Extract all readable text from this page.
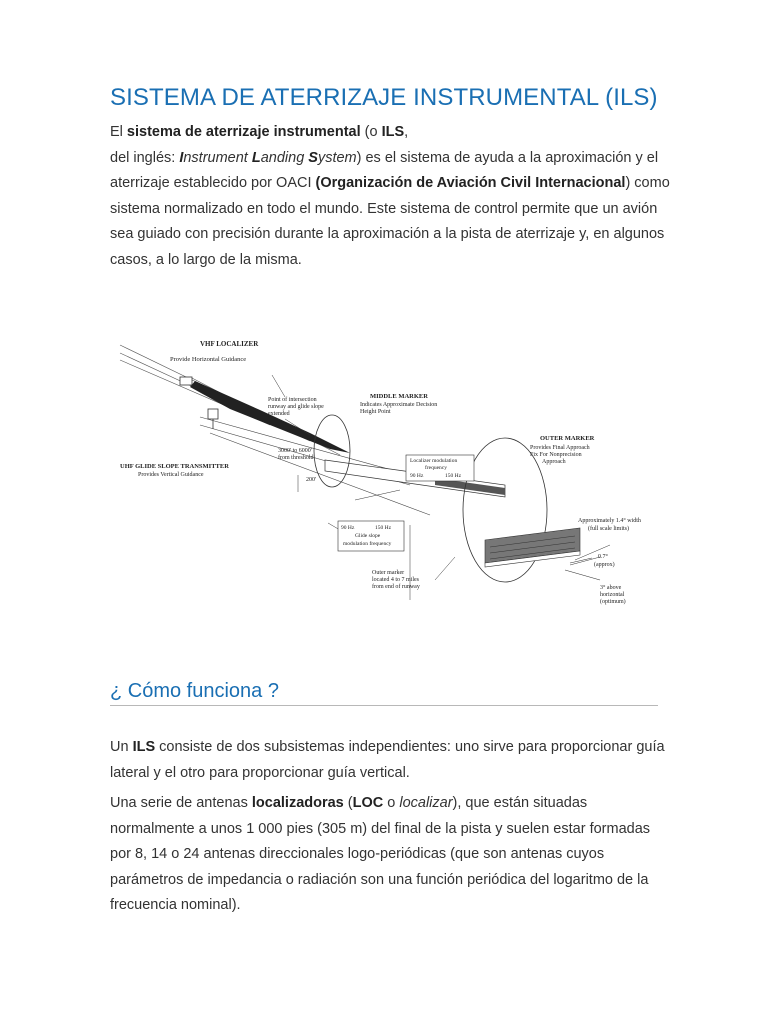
SISTEMA DE ATERRIZAJE INSTRUMENTAL (ILS)

El sistema de aterrizaje instrumental (o ILS,
del inglés: Instrument Landing System) es el sistema de ayuda a la aproximación y el aterrizaje establecido por OACI (Organización de Aviación Civil Internacional) como sistema normalizado en todo el mundo. Este sistema de control permite que un avión sea guiado con precisión durante la aproximación a la pista de aterrizaje y, en algunos casos, a lo largo de la misma.

VHF LOCALIZER
Provide Horizontal Guidance
Point of intersection
runway and glide slope
extended
MIDDLE MARKER
Indicates Approximate Decision
Height Point
OUTER MARKER
Provides Final Approach
Fix For Nonprecision
Approach
3000' to 6000'
from threshold
200'
UHF GLIDE SLOPE TRANSMITTER
Provides Vertical Guidance
Localizer modulation
frequency
90 Hz	150 Hz
90 Hz	150 Hz
Glide slope
modulation frequency
Outer marker
located 4 to 7 miles
from end of runway
Approximately 1.4° width
(full scale limits)
0.7°
(approx)
3° above
horizontal
(optimum)
¿ Cómo funciona ?

Un ILS consiste de dos subsistemas independientes: uno sirve para proporcionar guía lateral y el otro para proporcionar guía vertical.

Una serie de antenas localizadoras (LOC o localizar), que están situadas normalmente a unos 1 000 pies (305 m) del final de la pista y suelen estar formadas por 8, 14 o 24 antenas direccionales logo-periódicas (que son antenas cuyos parámetros de impedancia o radiación son una función periódica del logaritmo de la frecuencia nominal).
